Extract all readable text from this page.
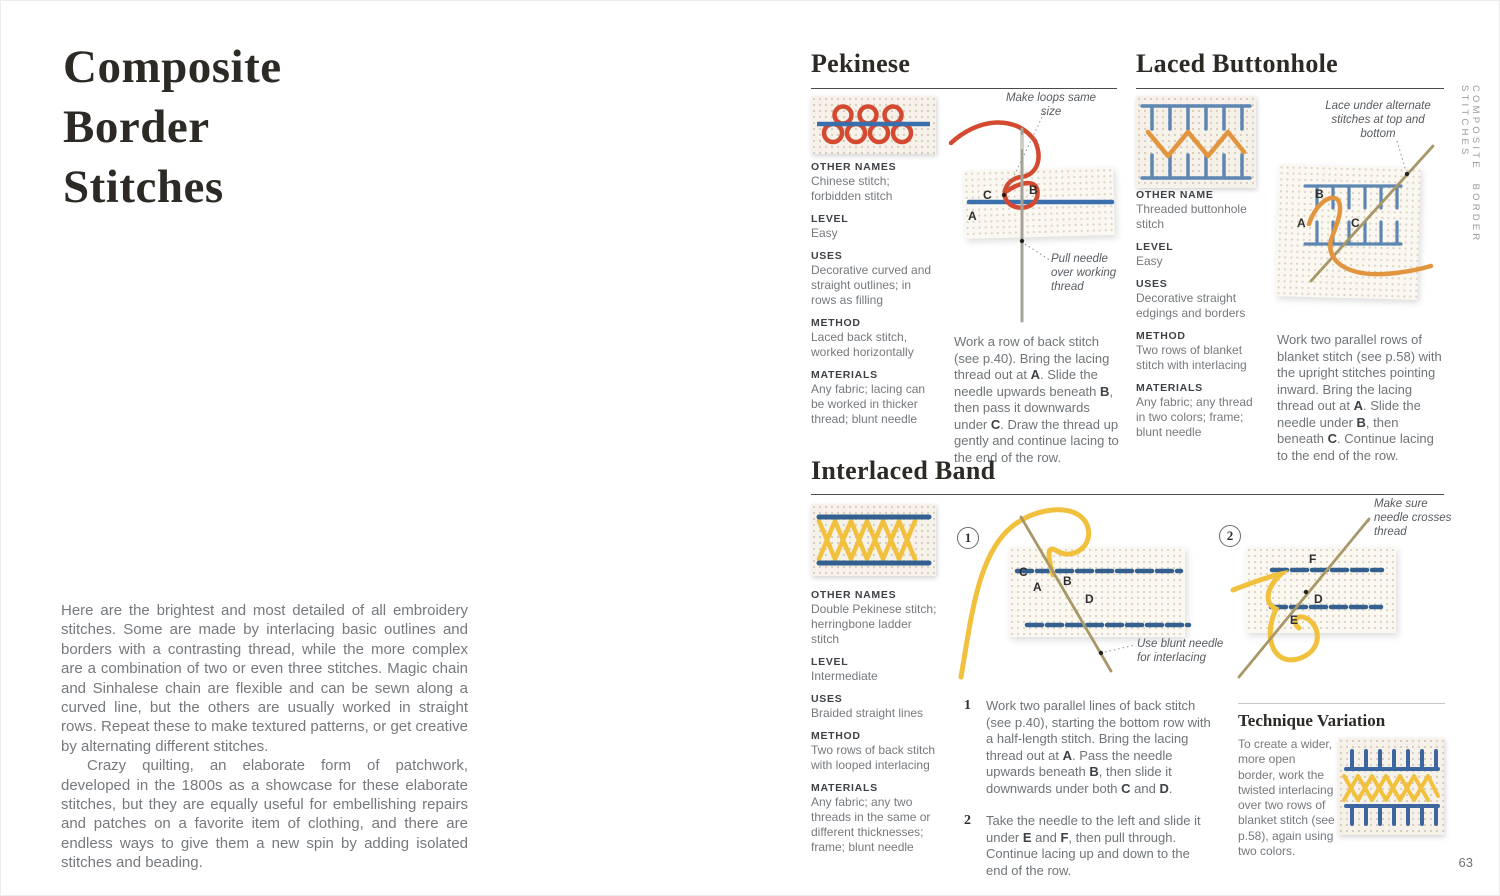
Composite
Border
Stitches

Here are the brightest and most detailed of all embroidery stitches. Some are made by interlacing basic outlines and borders with a contrasting thread, while the more complex are a combination of two or even three stitches. Magic chain and Sinhalese chain are flexible and can be sewn along a curved line, but the others are usually worked in straight rows. Repeat these to make textured patterns, or get creative by alternating different stitches.

Crazy quilting, an elaborate form of patchwork, developed in the 1800s as a showcase for these elaborate stitches, but they are equally useful for embellishing repairs and patches on a favorite item of clothing, and there are endless ways to give them a new spin by adding isolated stitches and beading.

Pekinese
OTHER NAMES
Chinese stitch; forbidden stitch
LEVEL
Easy
USES
Decorative curved and straight outlines; in rows as filling
METHOD
Laced back stitch, worked horizontally
MATERIALS
Any fabric; lacing can be worked in thicker thread; blunt needle
C	B
A
Make loops same size
Pull needle over working thread
Work a row of back stitch (see p.40). Bring the lacing thread out at A. Slide the needle upwards beneath B, then pass it downwards under C. Draw the thread up gently and continue lacing to the end of the row.
Laced Buttonhole
OTHER NAME
Threaded buttonhole stitch
LEVEL
Easy
USES
Decorative straight edgings and borders
METHOD
Two rows of blanket stitch with interlacing
MATERIALS
Any fabric; any thread in two colors; frame; blunt needle
B
A	C
Lace under alternate stitches at top and bottom
Work two parallel rows of blanket stitch (see p.58) with the upright stitches pointing inward. Bring the lacing thread out at A. Slide the needle under B, then beneath C. Continue lacing to the end of the row.
Interlaced Band
OTHER NAMES
Double Pekinese stitch; herringbone ladder stitch
LEVEL
Intermediate
USES
Braided straight lines
METHOD
Two rows of back stitch with looped interlacing
MATERIALS
Any fabric; any two threads in the same or different thicknesses; frame; blunt needle
C
A B
D
1
Use blunt needle for interlacing
F
D
E
2
Make sure needle crosses thread
1	Work two parallel lines of back stitch (see p.40), starting the bottom row with a half-length stitch. Bring the lacing thread out at A. Pass the needle upwards beneath B, then slide it downwards under both C and D.
2	Take the needle to the left and slide it under E and F, then pull through. Continue lacing up and down to the end of the row.
Technique Variation
To create a wider, more open border, work the twisted interlacing over two rows of blanket stitch (see p.58), again using two colors.
COMPOSITE BORDER STITCHES
63
